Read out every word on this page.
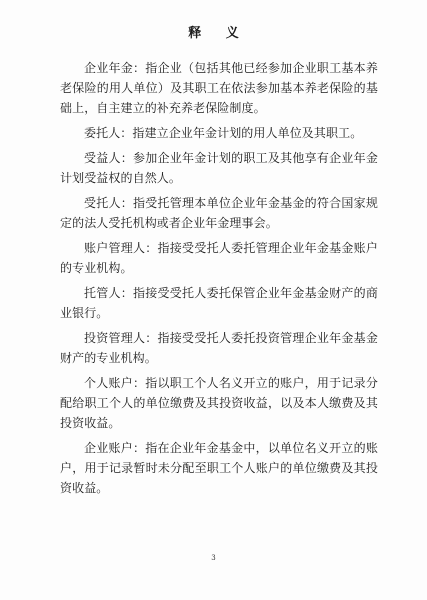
释 义

企业年金：指企业（包括其他已经参加企业职工基本养老保险的用人单位）及其职工在依法参加基本养老保险的基础上，自主建立的补充养老保险制度。

委托人：指建立企业年金计划的用人单位及其职工。

受益人：参加企业年金计划的职工及其他享有企业年金计划受益权的自然人。

受托人：指受托管理本单位企业年金基金的符合国家规定的法人受托机构或者企业年金理事会。

账户管理人：指接受受托人委托管理企业年金基金账户的专业机构。

托管人：指接受受托人委托保管企业年金基金财产的商业银行。

投资管理人：指接受受托人委托投资管理企业年金基金财产的专业机构。

个人账户：指以职工个人名义开立的账户，用于记录分配给职工个人的单位缴费及其投资收益，以及本人缴费及其投资收益。

企业账户：指在企业年金基金中，以单位名义开立的账户，用于记录暂时未分配至职工个人账户的单位缴费及其投资收益。

3
